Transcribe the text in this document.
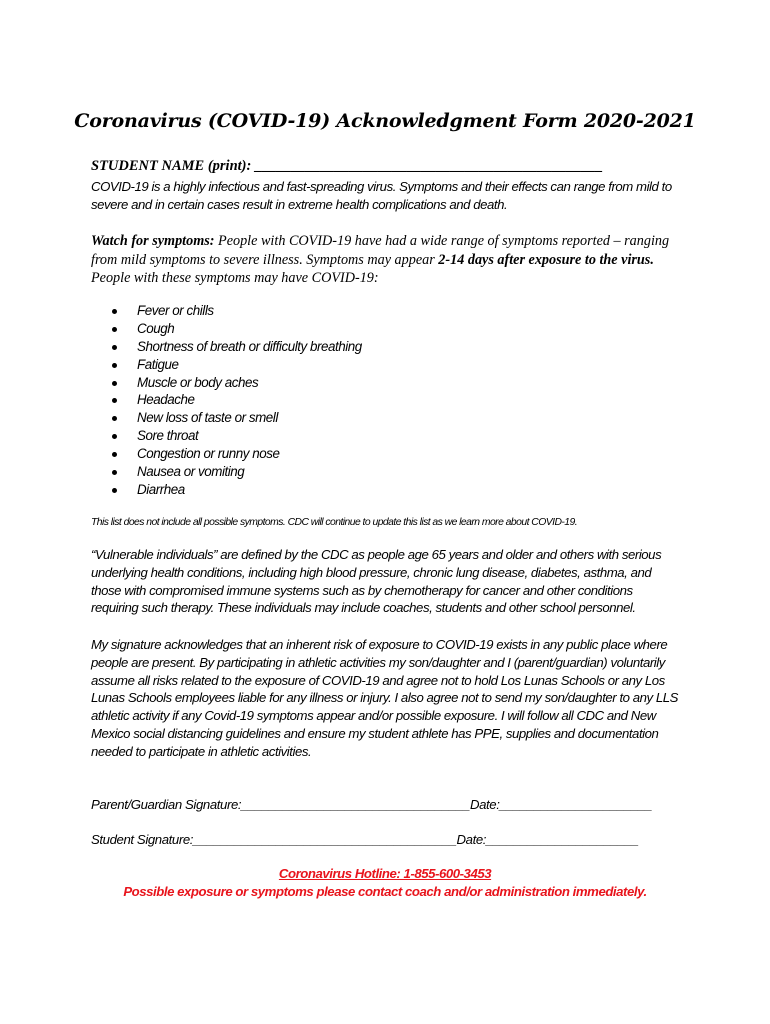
Coronavirus (COVID-19) Acknowledgment Form 2020-2021
STUDENT NAME (print): ________________________________________________
COVID-19 is a highly infectious and fast-spreading virus. Symptoms and their effects can range from mild to severe and in certain cases result in extreme health complications and death.
Watch for symptoms: People with COVID-19 have had a wide range of symptoms reported – ranging from mild symptoms to severe illness. Symptoms may appear 2-14 days after exposure to the virus. People with these symptoms may have COVID-19:
Fever or chills
Cough
Shortness of breath or difficulty breathing
Fatigue
Muscle or body aches
Headache
New loss of taste or smell
Sore throat
Congestion or runny nose
Nausea or vomiting
Diarrhea
This list does not include all possible symptoms. CDC will continue to update this list as we learn more about COVID-19.
“Vulnerable individuals” are defined by the CDC as people age 65 years and older and others with serious underlying health conditions, including high blood pressure, chronic lung disease, diabetes, asthma, and those with compromised immune systems such as by chemotherapy for cancer and other conditions requiring such therapy. These individuals may include coaches, students and other school personnel.
My signature acknowledges that an inherent risk of exposure to COVID-19 exists in any public place where people are present. By participating in athletic activities my son/daughter and I (parent/guardian) voluntarily assume all risks related to the exposure of COVID-19 and agree not to hold Los Lunas Schools or any Los Lunas Schools employees liable for any illness or injury. I also agree not to send my son/daughter to any LLS athletic activity if any Covid-19 symptoms appear and/or possible exposure. I will follow all CDC and New Mexico social distancing guidelines and ensure my student athlete has PPE, supplies and documentation needed to participate in athletic activities.
Parent/Guardian Signature:_________________________________Date:______________________
Student Signature:______________________________________Date:______________________
Coronavirus Hotline: 1-855-600-3453
Possible exposure or symptoms please contact coach and/or administration immediately.
